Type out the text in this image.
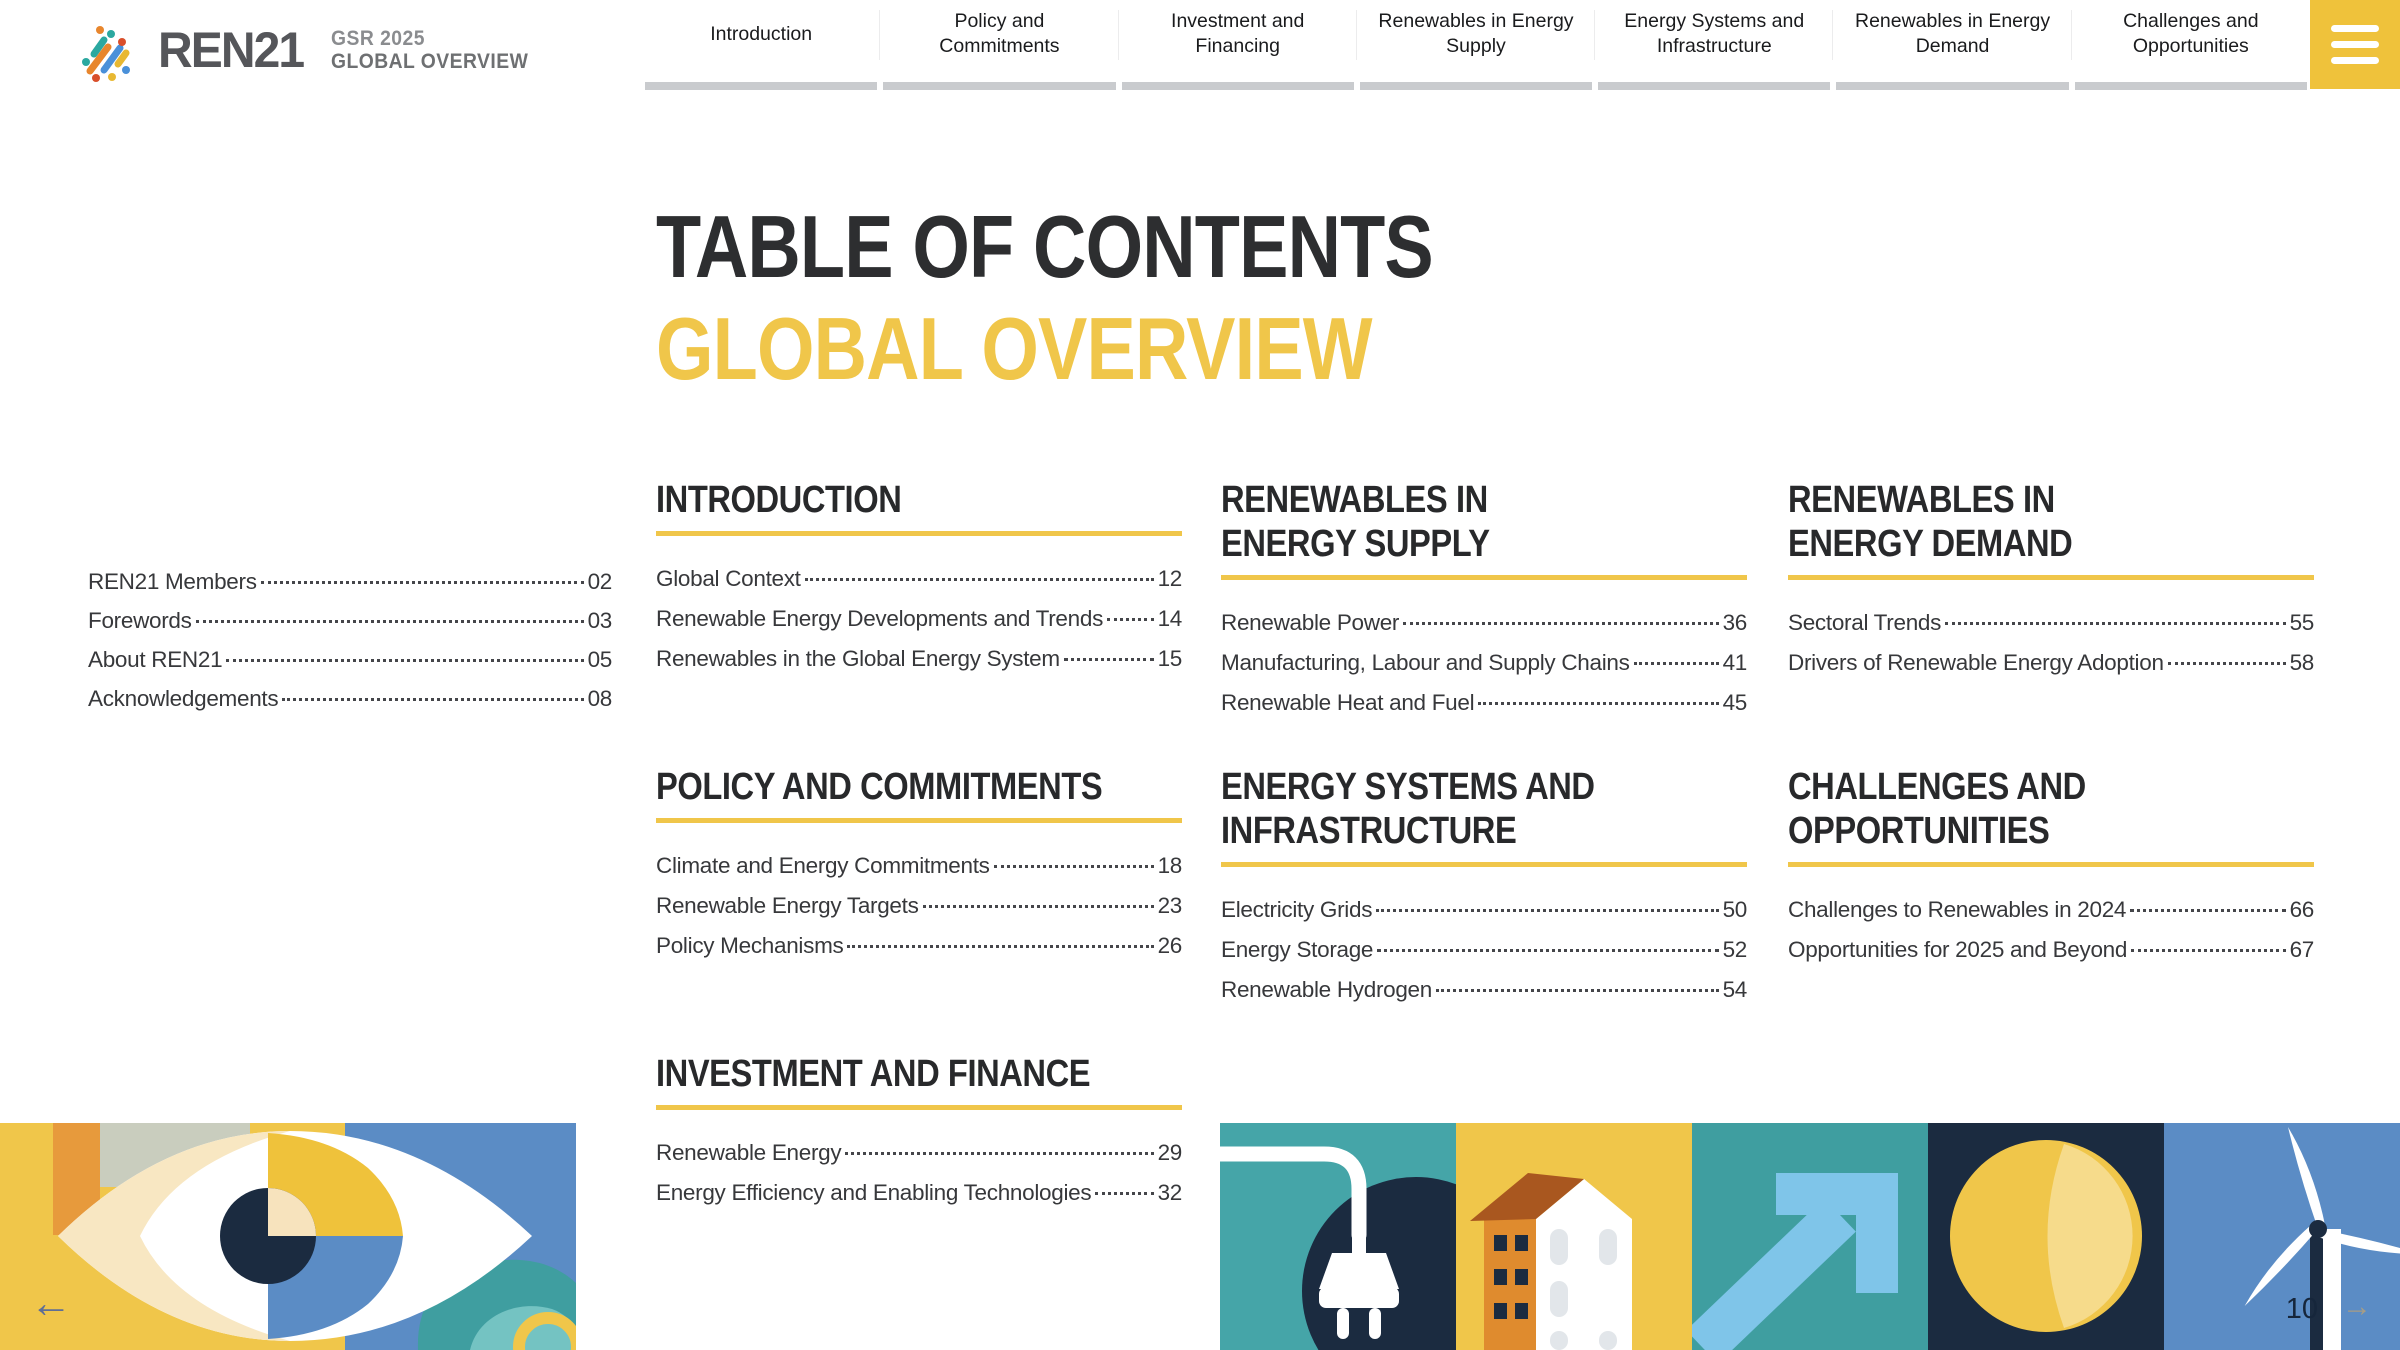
REN21 GSR 2025
GLOBAL OVERVIEW
Introduction
Policy and Commitments
Investment and Financing
Renewables in Energy Supply
Energy Systems and Infrastructure
Renewables in Energy Demand
Challenges and Opportunities
TABLE OF CONTENTS
GLOBAL OVERVIEW
REN21 Members	02
Forewords	03
About REN21	05
Acknowledgements	08
INTRODUCTION
Global Context	12
Renewable Energy Developments and Trends 14
Renewables in the Global Energy System	15
POLICY AND COMMITMENTS
Climate and Energy Commitments	18
Renewable Energy Targets	23
Policy Mechanisms	26
INVESTMENT AND FINANCE
Renewable Energy	29
Energy Efficiency and Enabling Technologies	32
RENEWABLES IN
ENERGY SUPPLY
Renewable Power	36
Manufacturing, Labour and Supply Chains	41
Renewable Heat and Fuel	45
ENERGY SYSTEMS AND
INFRASTRUCTURE
Electricity Grids	50
Energy Storage	52
Renewable Hydrogen	54
RENEWABLES IN
ENERGY DEMAND
Sectoral Trends	55
Drivers of Renewable Energy Adoption	58
CHALLENGES AND
OPPORTUNITIES
Challenges to Renewables in 2024	66
Opportunities for 2025 and Beyond	67
←	10 →
